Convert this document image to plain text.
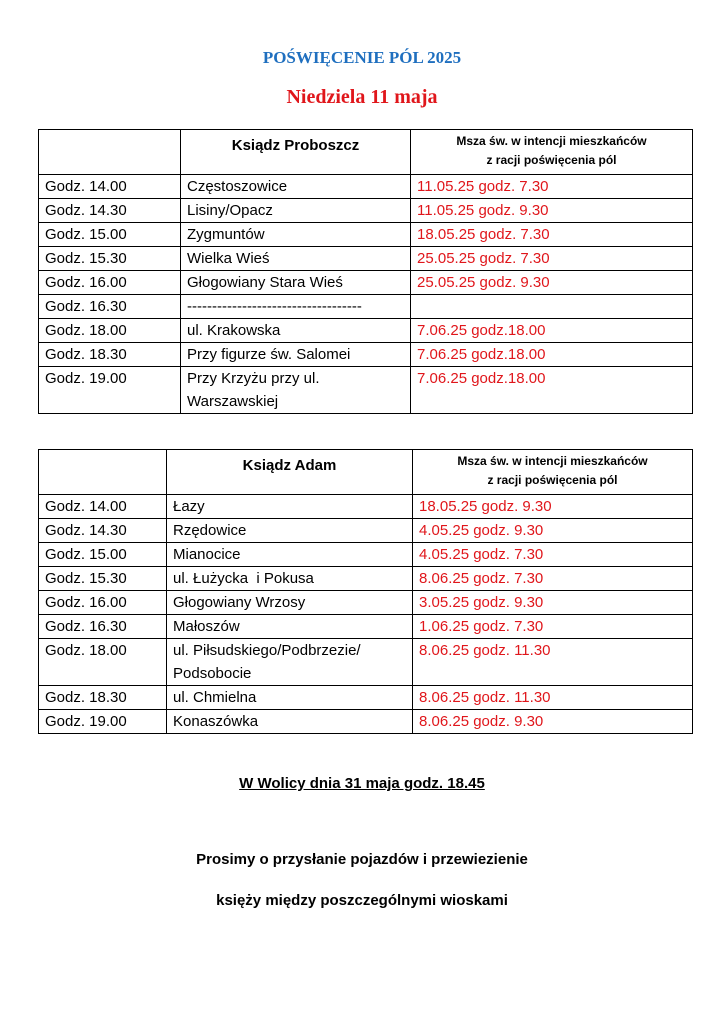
POŚWIĘCENIE PÓL 2025
Niedziela 11 maja
	Ksiądz Proboszcz	Msza św. w intencji mieszkańców
z racji poświęcenia pól

Godz. 14.00	Częstoszowice	11.05.25 godz. 7.30
Godz. 14.30	Lisiny/Opacz	11.05.25 godz. 9.30
Godz. 15.00	Zygmuntów	18.05.25 godz. 7.30
Godz. 15.30	Wielka Wieś	25.05.25 godz. 7.30
Godz. 16.00	Głogowiany Stara Wieś	25.05.25 godz. 9.30
Godz. 16.30	-----------------------------------	
Godz. 18.00	ul. Krakowska	7.06.25 godz.18.00
Godz. 18.30	Przy figurze św. Salomei	7.06.25 godz.18.00
Godz. 19.00	Przy Krzyżu przy ul. Warszawskiej	7.06.25 godz.18.00
	Ksiądz Adam	Msza św. w intencji mieszkańców
z racji poświęcenia pól

Godz. 14.00	Łazy	18.05.25 godz. 9.30
Godz. 14.30	Rzędowice	4.05.25 godz. 9.30
Godz. 15.00	Mianocice	4.05.25 godz. 7.30
Godz. 15.30	ul. Łużycka  i Pokusa	8.06.25 godz. 7.30
Godz. 16.00	Głogowiany Wrzosy	3.05.25 godz. 9.30
Godz. 16.30	Małoszów	1.06.25 godz. 7.30
Godz. 18.00	ul. Piłsudskiego/Podbrzezie/ Podsobocie	8.06.25 godz. 11.30
Godz. 18.30	ul. Chmielna	8.06.25 godz. 11.30
Godz. 19.00	Konaszówka	8.06.25 godz. 9.30

W Wolicy dnia 31 maja godz. 18.45

Prosimy o przysłanie pojazdów i przewiezienie

księży między poszczególnymi wioskami
